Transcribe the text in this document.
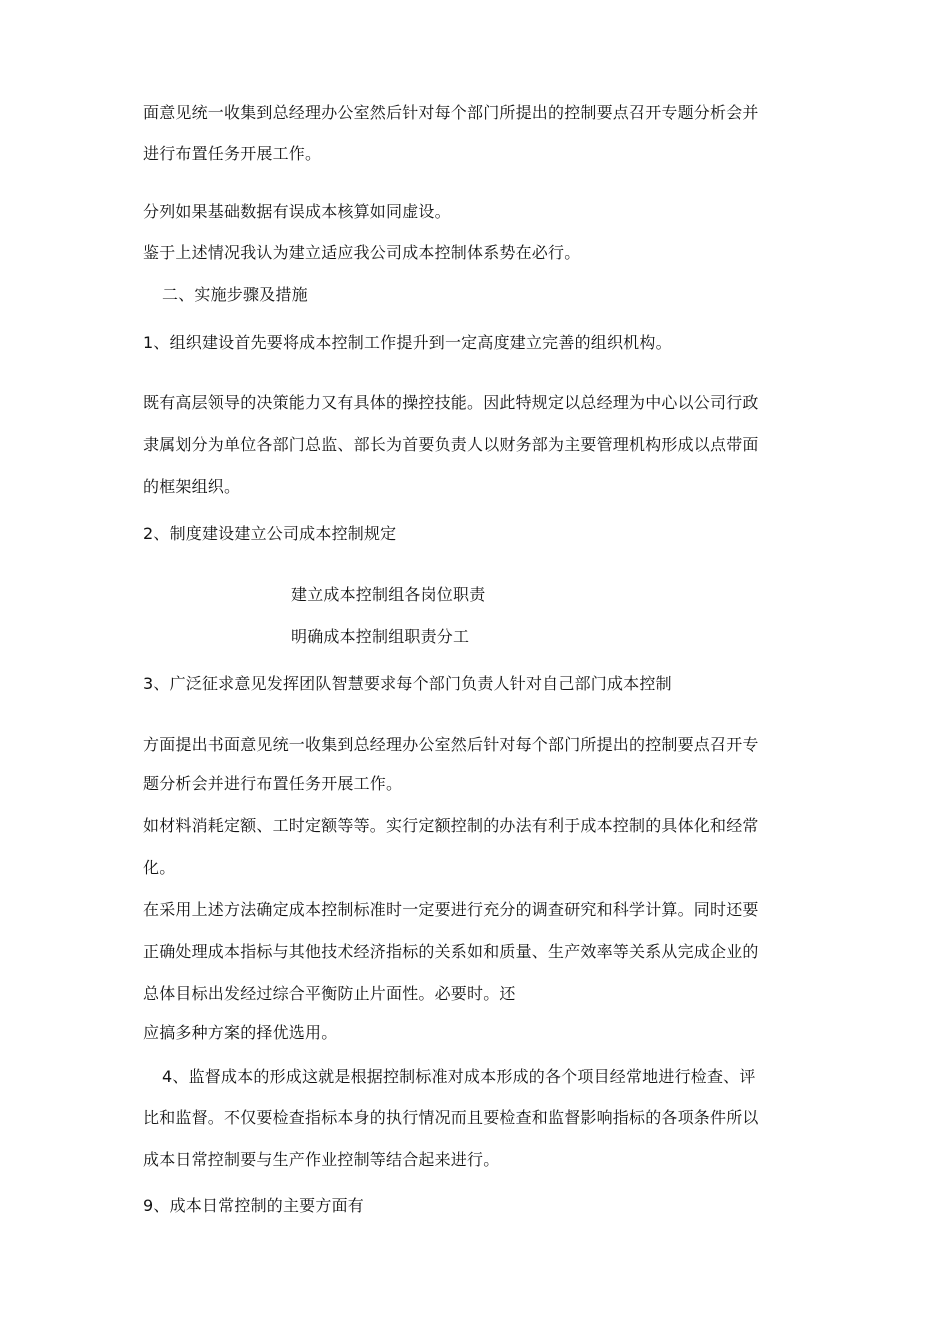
面意见统一收集到总经理办公室然后针对每个部门所提出的控制要点召开专题分析会并

进行布置任务开展工作。

分列如果基础数据有误成本核算如同虚设。

鉴于上述情况我认为建立适应我公司成本控制体系势在必行。

二、实施步骤及措施

1、组织建设首先要将成本控制工作提升到一定高度建立完善的组织机构。

既有高层领导的决策能力又有具体的操控技能。因此特规定以总经理为中心以公司行政

隶属划分为单位各部门总监、部长为首要负责人以财务部为主要管理机构形成以点带面

的框架组织。

2、制度建设建立公司成本控制规定

建立成本控制组各岗位职责

明确成本控制组职责分工

3、广泛征求意见发挥团队智慧要求每个部门负责人针对自己部门成本控制

方面提出书面意见统一收集到总经理办公室然后针对每个部门所提出的控制要点召开专

题分析会并进行布置任务开展工作。

如材料消耗定额、工时定额等等。实行定额控制的办法有利于成本控制的具体化和经常

化。

在采用上述方法确定成本控制标准时一定要进行充分的调查研究和科学计算。同时还要

正确处理成本指标与其他技术经济指标的关系如和质量、生产效率等关系从完成企业的

总体目标出发经过综合平衡防止片面性。必要时。还

应搞多种方案的择优选用。

4、监督成本的形成这就是根据控制标准对成本形成的各个项目经常地进行检查、评

比和监督。不仅要检查指标本身的执行情况而且要检查和监督影响指标的各项条件所以

成本日常控制要与生产作业控制等结合起来进行。

9、成本日常控制的主要方面有
